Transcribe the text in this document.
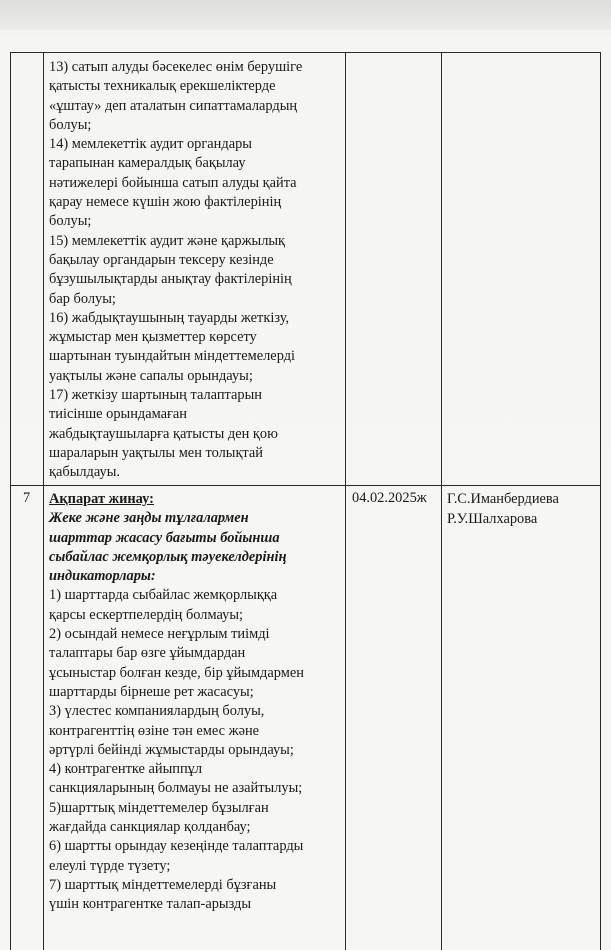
13) сатып алуды бәсекелес өнім берушіге
қатысты техникалық ерекшеліктерде
«ұштау» деп аталатын сипаттамалардың
болуы;
14) мемлекеттік аудит органдары
тарапынан камералдық бақылау
нәтижелері бойынша сатып алуды қайта
қарау немесе күшін жою фактілерінің
болуы;
15) мемлекеттік аудит және қаржылық
бақылау органдарын тексеру кезінде
бұзушылықтарды анықтау фактілерінің
бар болуы;
16) жабдықтаушының тауарды жеткізу,
жұмыстар мен қызметтер көрсету
шартынан туындайтын міндеттемелерді
уақтылы және сапалы орындауы;
17) жеткізу шартының талаптарын
тиісінше орындамаған
жабдықтаушыларға қатысты ден қою
шараларын уақтылы мен толықтай
қабылдауы.
7 Ақпарат жинау:
Жеке және заңды тұлғалармен
шарттар жасасу бағыты бойынша
сыбайлас жемқорлық тәуекелдерінің
индикаторлары:
1) шарттарда сыбайлас жемқорлыққа
қарсы ескертпелердің болмауы;
2) осындай немесе неғұрлым тиімді
талаптары бар өзге ұйымдардан
ұсыныстар болған кезде, бір ұйымдармен
шарттарды бірнеше рет жасасуы;
3) үлестес компаниялардың болуы,
контрагенттің өзіне тән емес және
әртүрлі бейінді жұмыстарды орындауы;
4) контрагентке айыппұл
санкцияларының болмауы не азайтылуы;
5)шарттық міндеттемелер бұзылған
жағдайда санкциялар қолданбау;
6) шартты орындау кезеңінде талаптарды
елеулі түрде түзету;
7) шарттық міндеттемелерді бұзғаны
үшін контрагентке талап-арызды
04.02.2025ж Г.С.Иманбердиева
Р.У.Шалхарова
